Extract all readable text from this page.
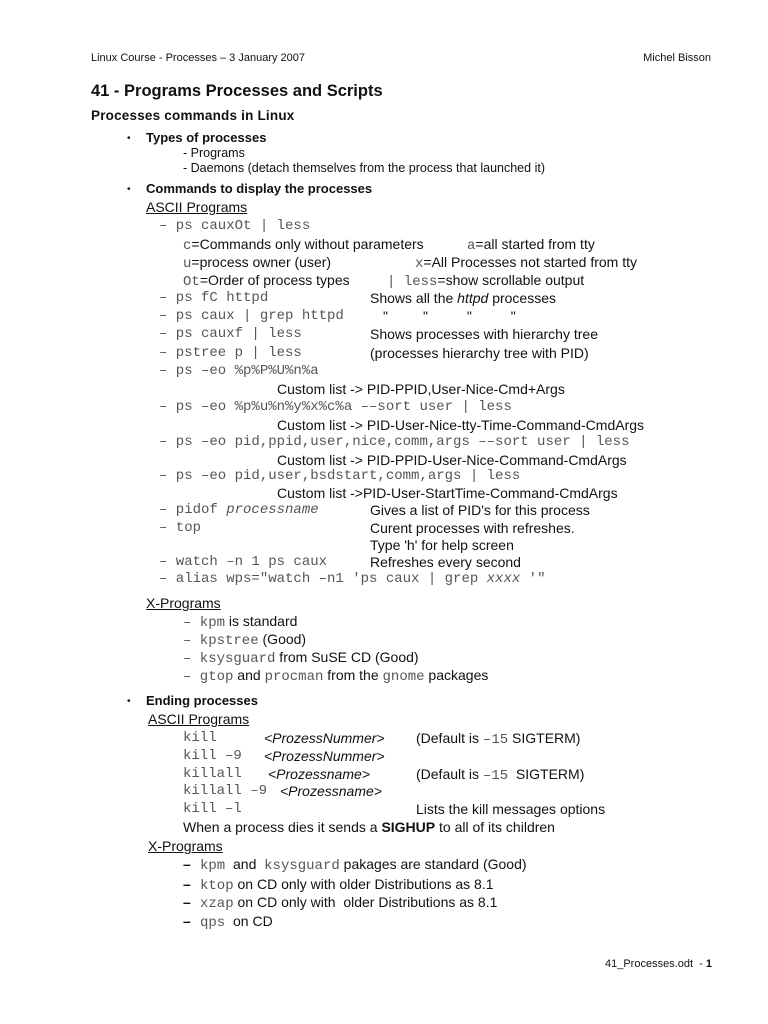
Linux Course - Processes – 3 January 2007	Michel Bisson
41 - Programs Processes and Scripts
Processes commands in Linux
• Types of processes
- Programs
- Daemons (detach themselves from the process that launched it)
• Commands to display the processes
ASCII Programs
– ps cauxOt | less
c=Commands only without parameters	a=all started from tty
u=process owner (user)	x=All Processes not started from tty
Ot=Order of process types	| less=show scrollable output
– ps fC httpd	Shows all the httpd processes
– ps caux | grep httpd	"         "          "          "
– ps cauxf | less	Shows processes with hierarchy tree
– pstree p | less	(processes hierarchy tree with PID)
– ps –eo %p%P%U%n%a
Custom list -> PID-PPID,User-Nice-Cmd+Args
– ps –eo %p%u%n%y%x%c%a ––sort user | less
Custom list -> PID-User-Nice-tty-Time-Command-CmdArgs
– ps –eo pid,ppid,user,nice,comm,args ––sort user | less
Custom list -> PID-PPID-User-Nice-Command-CmdArgs
– ps –eo pid,user,bsdstart,comm,args | less
Custom list ->PID-User-StartTime-Command-CmdArgs
– pidof processname	Gives a list of PID's for this process
– top	Curent processes with refreshes.
Type 'h' for help screen
– watch –n 1 ps caux	Refreshes every second
– alias wps="watch –n1 'ps caux | grep xxxx '"
X-Programs
– kpm is standard
– kpstree (Good)
– ksysguard from SuSE CD (Good)
– gtop and procman from the gnome packages
• Ending processes
ASCII Programs
kill	<ProzessNummer> (Default is –15 SIGTERM)
kill –9 <ProzessNummer>
killall <Prozessname>	(Default is –15  SIGTERM)
killall –9 <Prozessname>
kill –l	Lists the kill messages options
When a process dies it sends a SIGHUP to all of its children
X-Programs
– kpm  and  ksysguard pakages are standard (Good)
– ktop on CD only with older Distributions as 8.1
– xzap on CD only with  older Distributions as 8.1
– qps  on CD
41_Processes.odt  - 1
